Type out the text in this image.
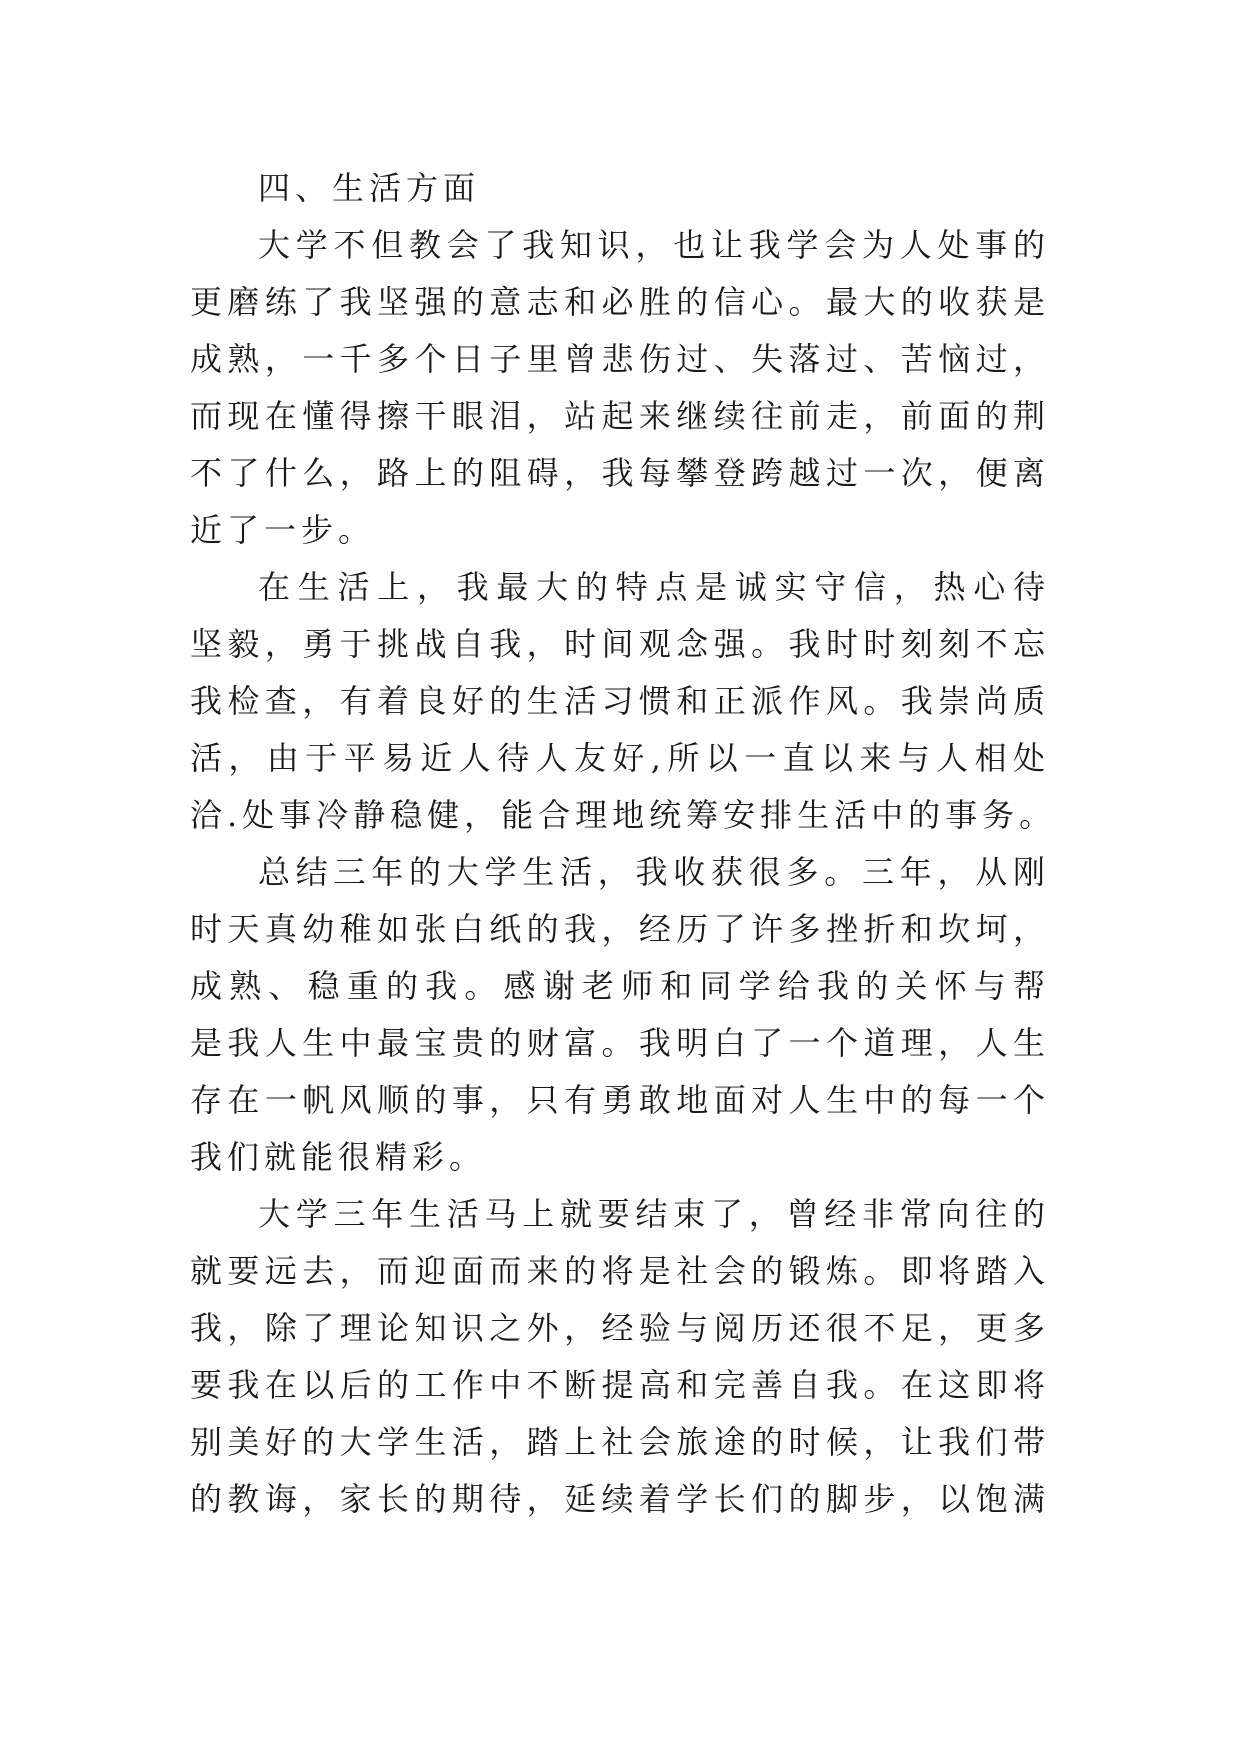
四、生活方面
大学不但教会了我知识，也让我学会为人处事的
更磨练了我坚强的意志和必胜的信心。最大的收获是
成熟，一千多个日子里曾悲伤过、失落过、苦恼过，
而现在懂得擦干眼泪，站起来继续往前走，前面的荆
不了什么，路上的阻碍，我每攀登跨越过一次，便离
近了一步。
在生活上，我最大的特点是诚实守信，热心待
坚毅，勇于挑战自我，时间观念强。我时时刻刻不忘
我检查，有着良好的生活习惯和正派作风。我崇尚质
活，由于平易近人待人友好,所以一直以来与人相处
洽.处事冷静稳健，能合理地统筹安排生活中的事务。
总结三年的大学生活，我收获很多。三年，从刚
时天真幼稚如张白纸的我，经历了许多挫折和坎坷，
成熟、稳重的我。感谢老师和同学给我的关怀与帮
是我人生中最宝贵的财富。我明白了一个道理，人生
存在一帆风顺的事，只有勇敢地面对人生中的每一个
我们就能很精彩。
大学三年生活马上就要结束了，曾经非常向往的
就要远去，而迎面而来的将是社会的锻炼。即将踏入
我，除了理论知识之外，经验与阅历还很不足，更多
要我在以后的工作中不断提高和完善自我。在这即将
别美好的大学生活，踏上社会旅途的时候，让我们带
的教诲，家长的期待，延续着学长们的脚步，以饱满
